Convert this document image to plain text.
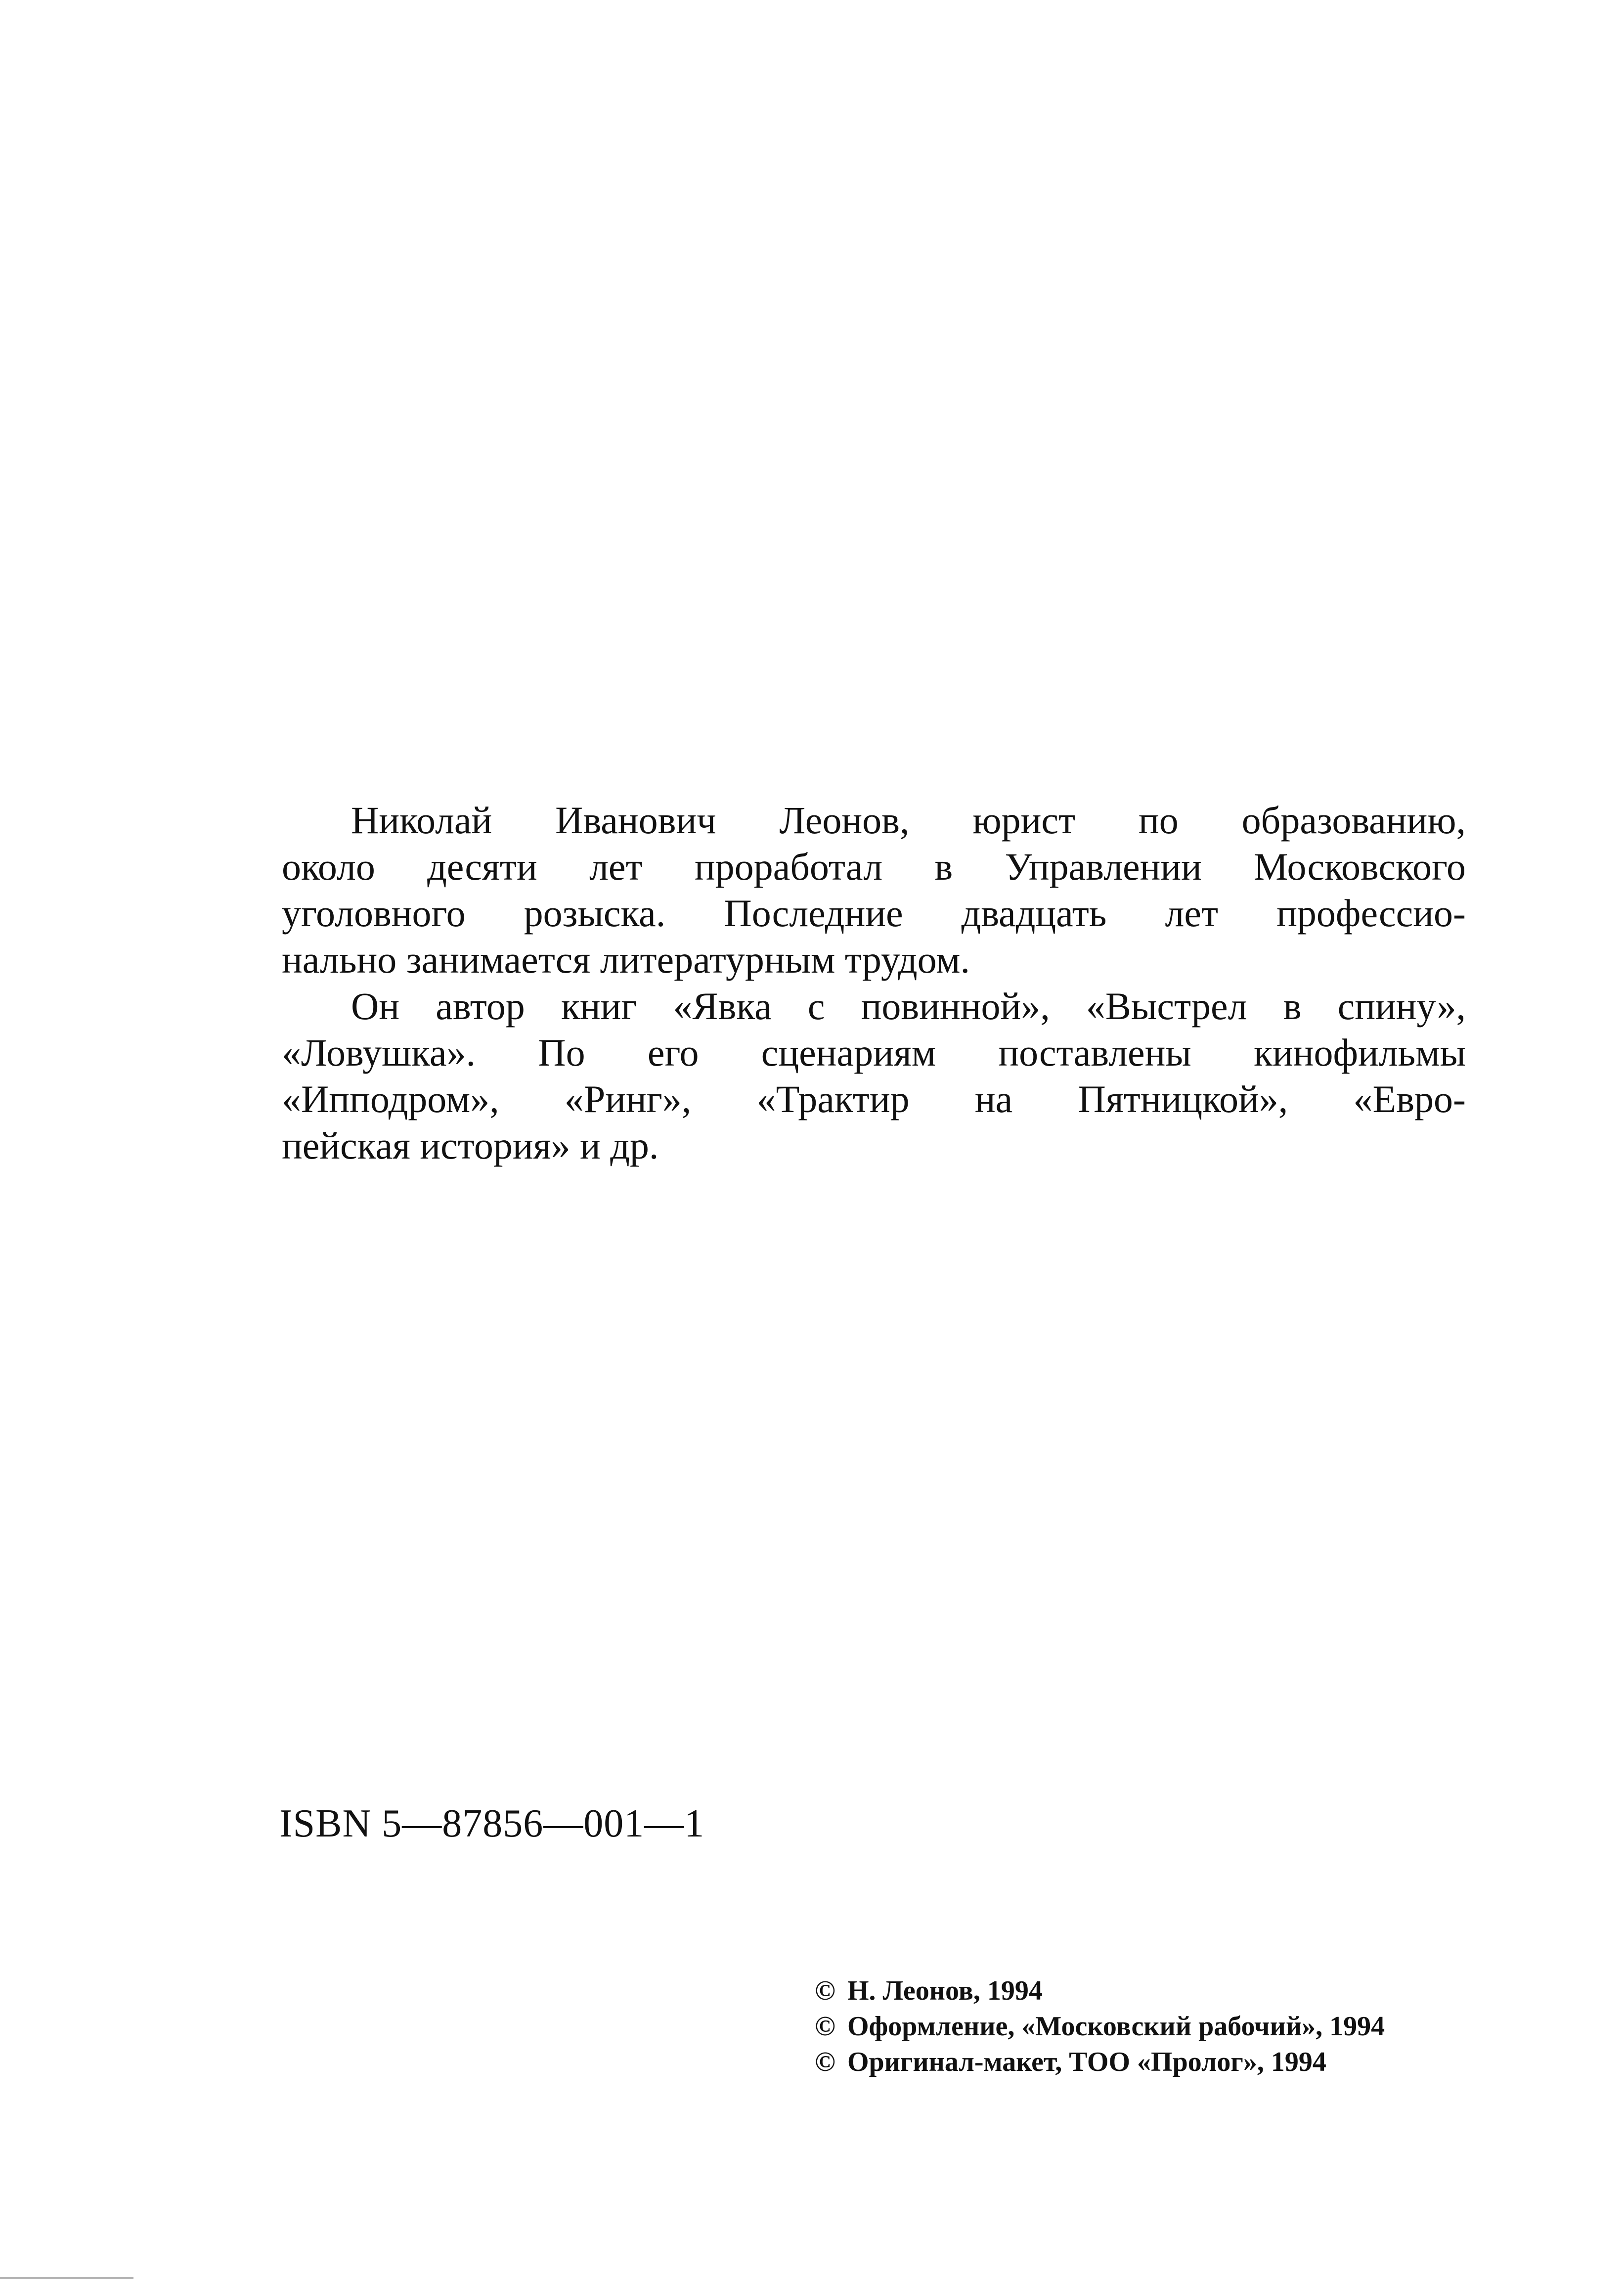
Николай Иванович Леонов, юрист по образованию,
около десяти лет проработал в Управлении Московского
уголовного розыска. Последние двадцать лет профессио-
нально занимается литературным трудом.
Он автор книг «Явка с повинной», «Выстрел в спину»,
«Ловушка». По его сценариям поставлены кинофильмы
«Ипподром», «Ринг», «Трактир на Пятницкой», «Евро-
пейская история» и др.
ISBN 5—87856—001—1
© Н. Леонов, 1994
© Оформление, «Московский рабочий», 1994
© Оригинал-макет, ТОО «Пролог», 1994
